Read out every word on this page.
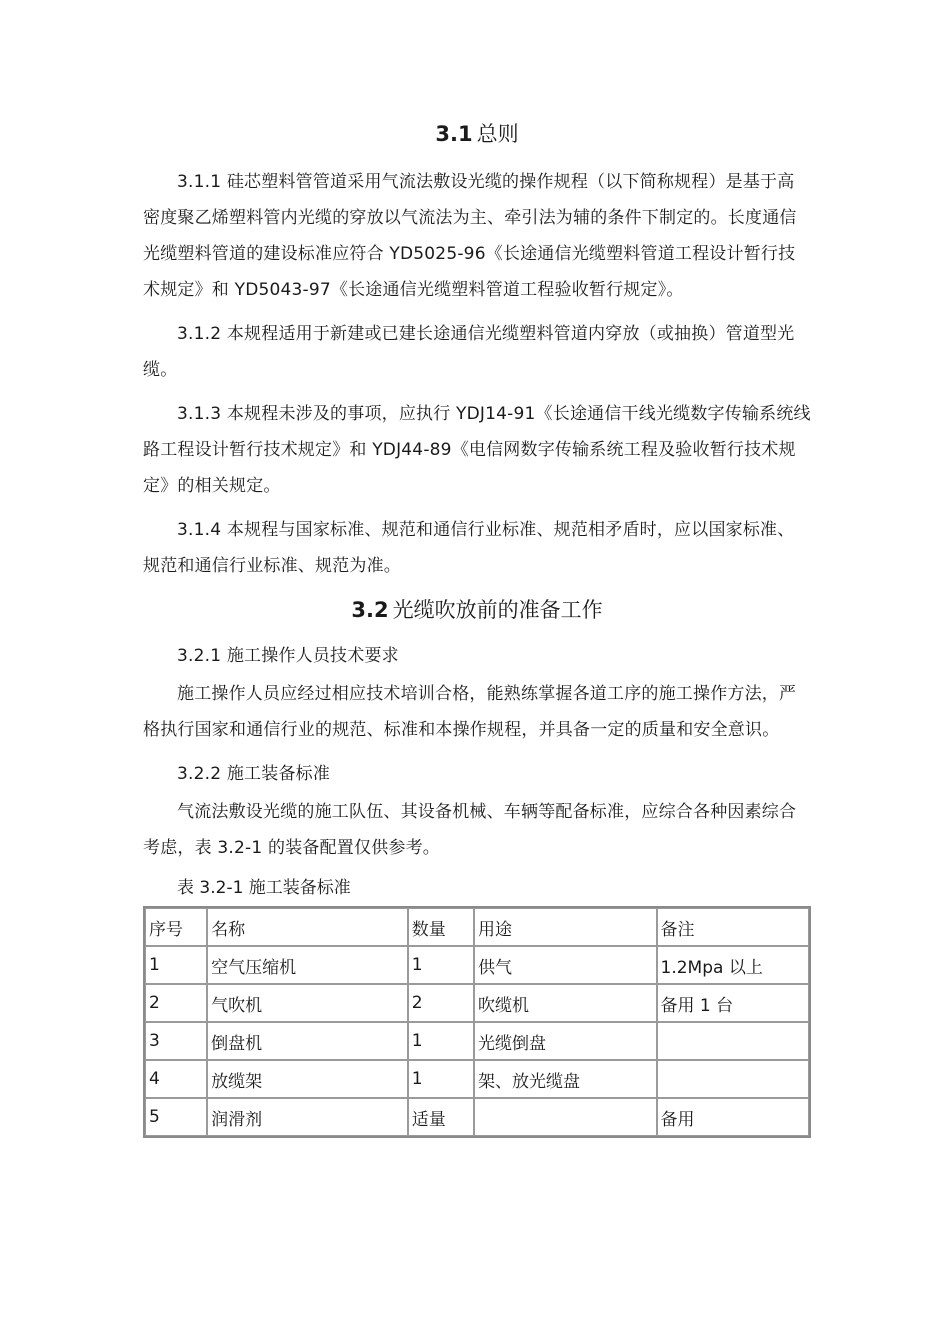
3.1 总则

3.1.1 硅芯塑料管管道采用气流法敷设光缆的操作规程（以下简称规程）是基于高密度聚乙烯塑料管内光缆的穿放以气流法为主、牵引法为辅的条件下制定的。长度通信光缆塑料管道的建设标准应符合 YD5025-96《长途通信光缆塑料管道工程设计暂行技术规定》和 YD5043-97《长途通信光缆塑料管道工程验收暂行规定》。

3.1.2 本规程适用于新建或已建长途通信光缆塑料管道内穿放（或抽换）管道型光缆。

3.1.3 本规程未涉及的事项，应执行 YDJ14-91《长途通信干线光缆数字传输系统线路工程设计暂行技术规定》和 YDJ44-89《电信网数字传输系统工程及验收暂行技术规定》的相关规定。

3.1.4 本规程与国家标准、规范和通信行业标准、规范相矛盾时，应以国家标准、规范和通信行业标准、规范为准。

3.2 光缆吹放前的准备工作

3.2.1 施工操作人员技术要求

施工操作人员应经过相应技术培训合格，能熟练掌握各道工序的施工操作方法，严格执行国家和通信行业的规范、标准和本操作规程，并具备一定的质量和安全意识。

3.2.2 施工装备标准

气流法敷设光缆的施工队伍、其设备机械、车辆等配备标准，应综合各种因素综合考虑，表 3.2-1 的装备配置仅供参考。

表 3.2-1 施工装备标准
序号	名称	数量	用途	备注
1	空气压缩机	1	供气	1.2Mpa 以上
2	气吹机	2	吹缆机	备用 1 台
3	倒盘机	1	光缆倒盘	
4	放缆架	1	架、放光缆盘	
5	润滑剂	适量		备用
